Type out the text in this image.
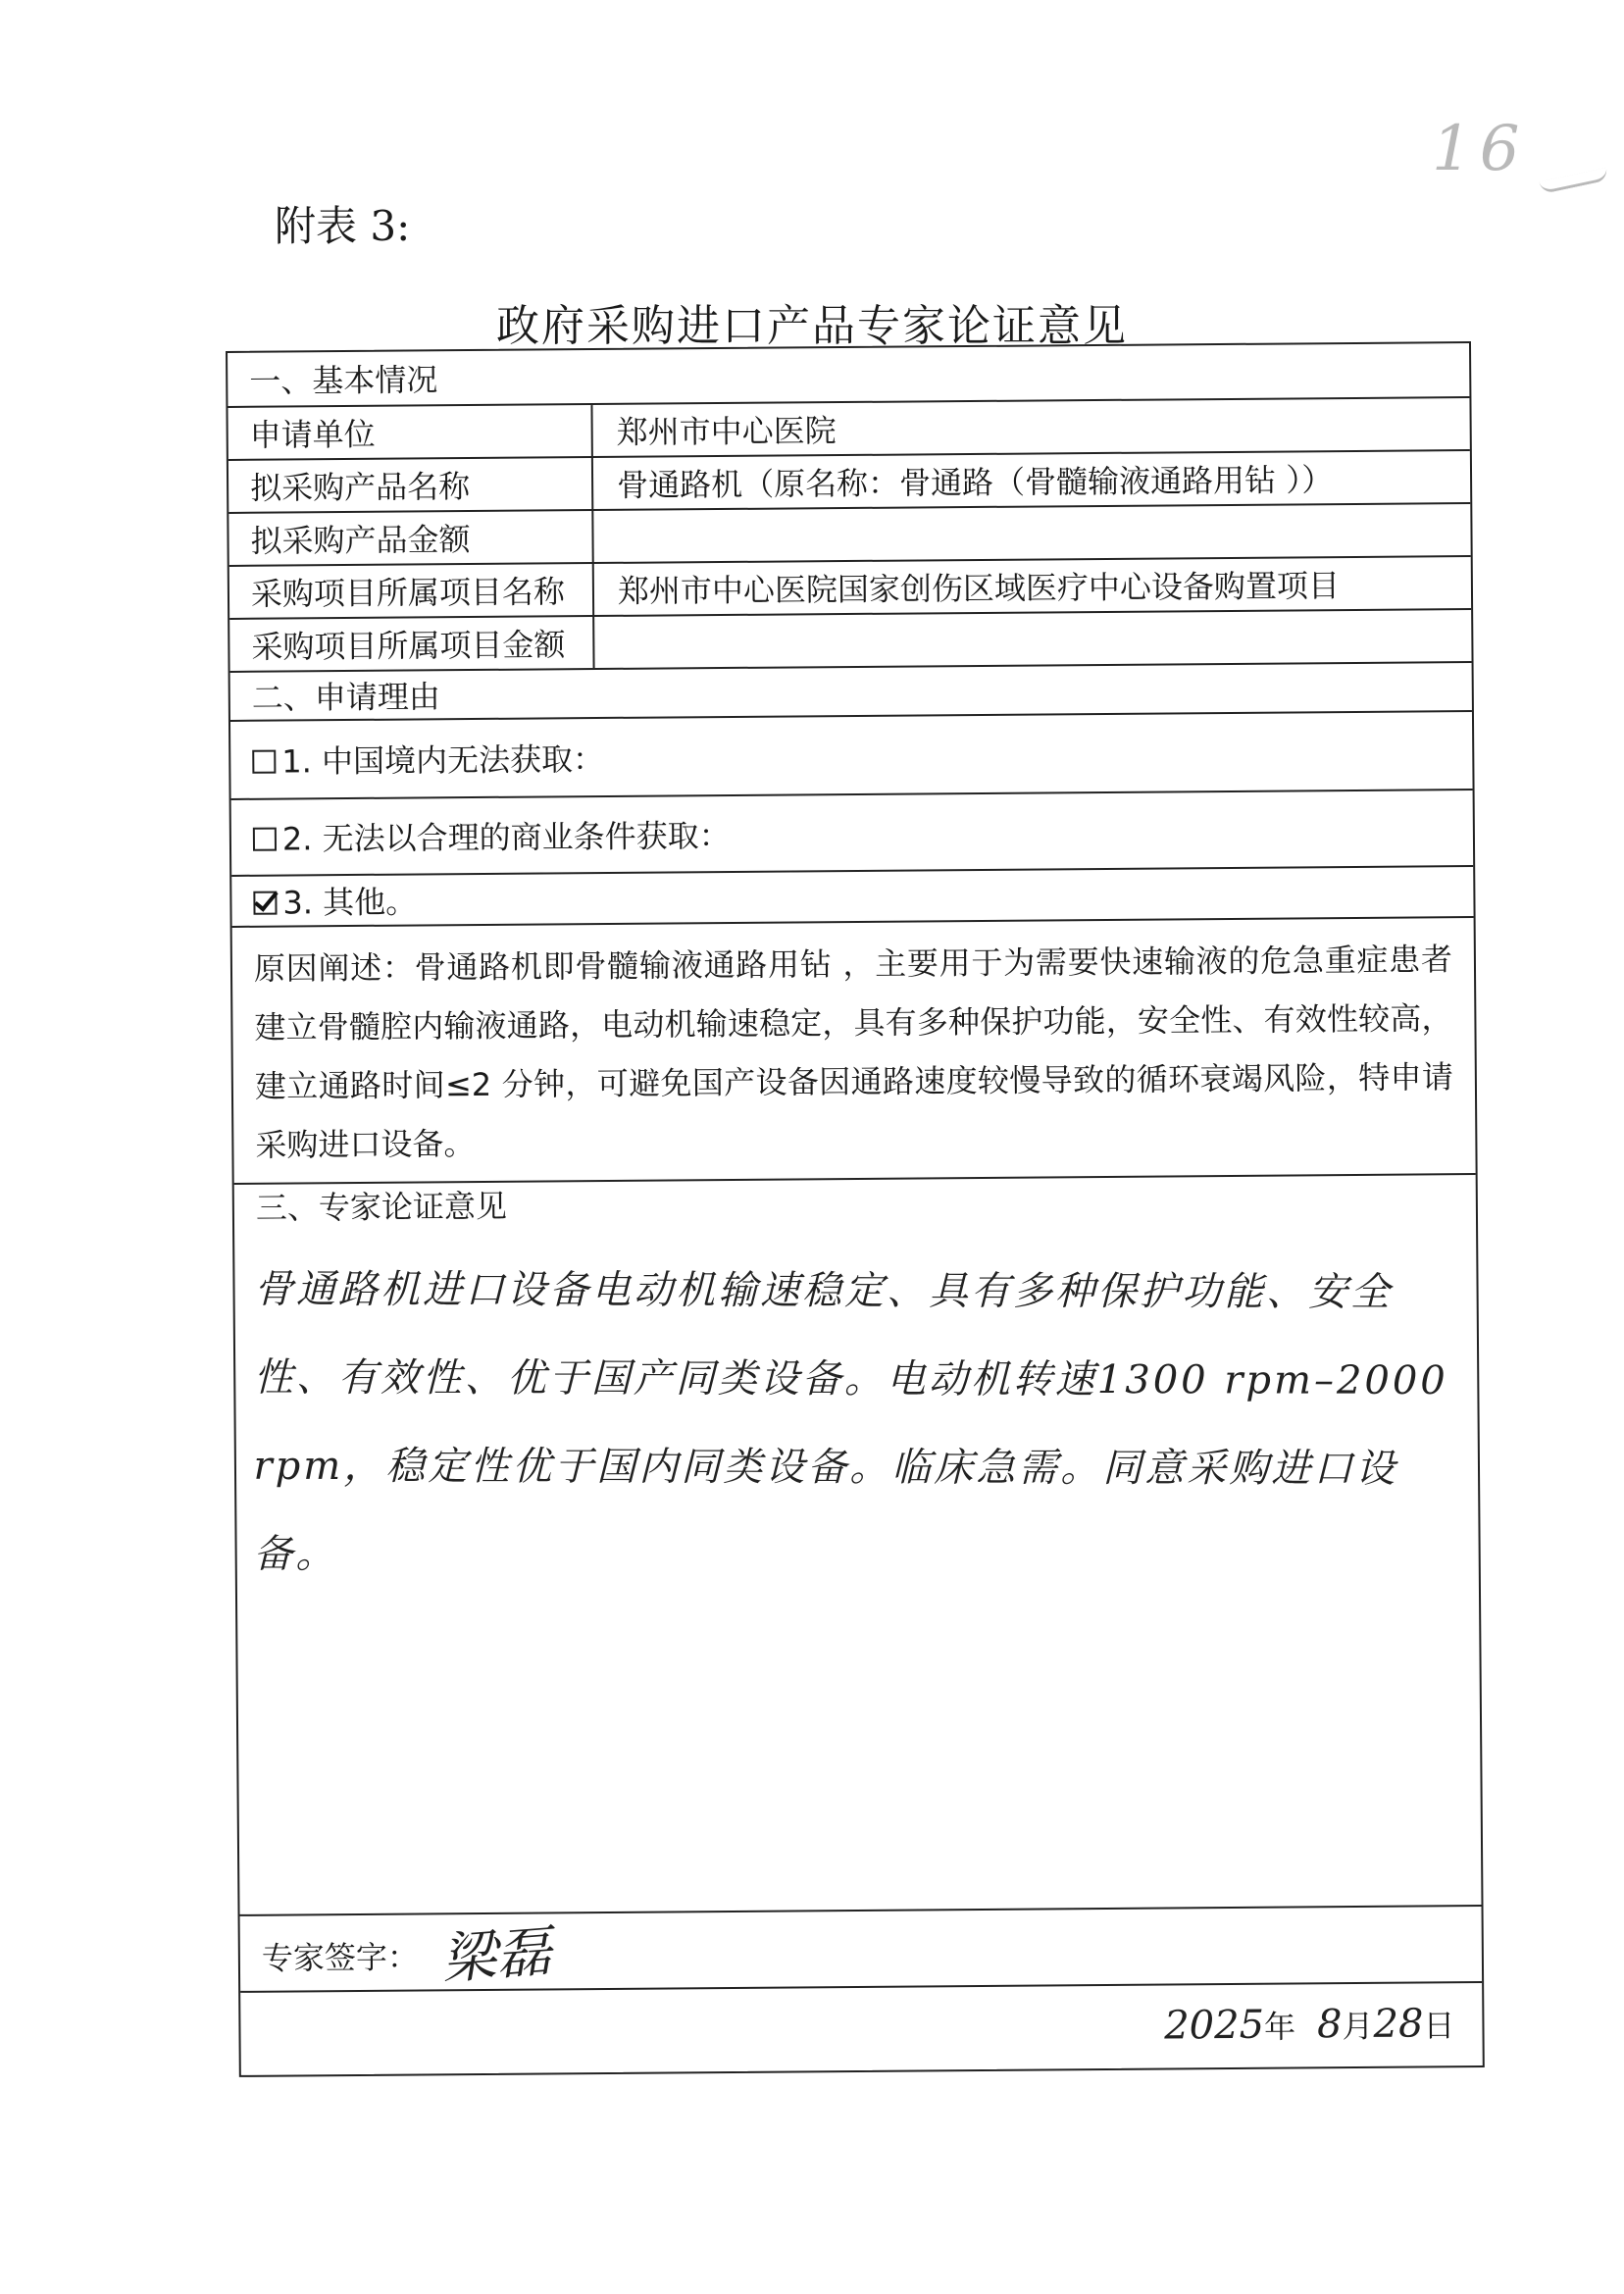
16
附表 3:
政府采购进口产品专家论证意见
一、基本情况
申请单位	郑州市中心医院
拟采购产品名称	骨通路机（原名称：骨通路（骨髓输液通路用钻 ））
拟采购产品金额
采购项目所属项目名称	郑州市中心医院国家创伤区域医疗中心设备购置项目
采购项目所属项目金额
二、申请理由
1. 中国境内无法获取：
2. 无法以合理的商业条件获取：
3. 其他。
原因阐述：骨通路机即骨髓输液通路用钻 ，主要用于为需要快速输液的危急重症患者建立骨髓腔内输液通路，电动机输速稳定，具有多种保护功能，安全性、有效性较高，建立通路时间≤2 分钟，可避免国产设备因通路速度较慢导致的循环衰竭风险，特申请采购进口设备。
三、专家论证意见
骨通路机进口设备电动机输速稳定、具有多种保护功能、安全性、有效性、优于国产同类设备。电动机转速1300 rpm–2000 rpm，稳定性优于国内同类设备。临床急需。同意采购进口设备。
专家签字： 梁磊
2025 年 8 月 28 日
